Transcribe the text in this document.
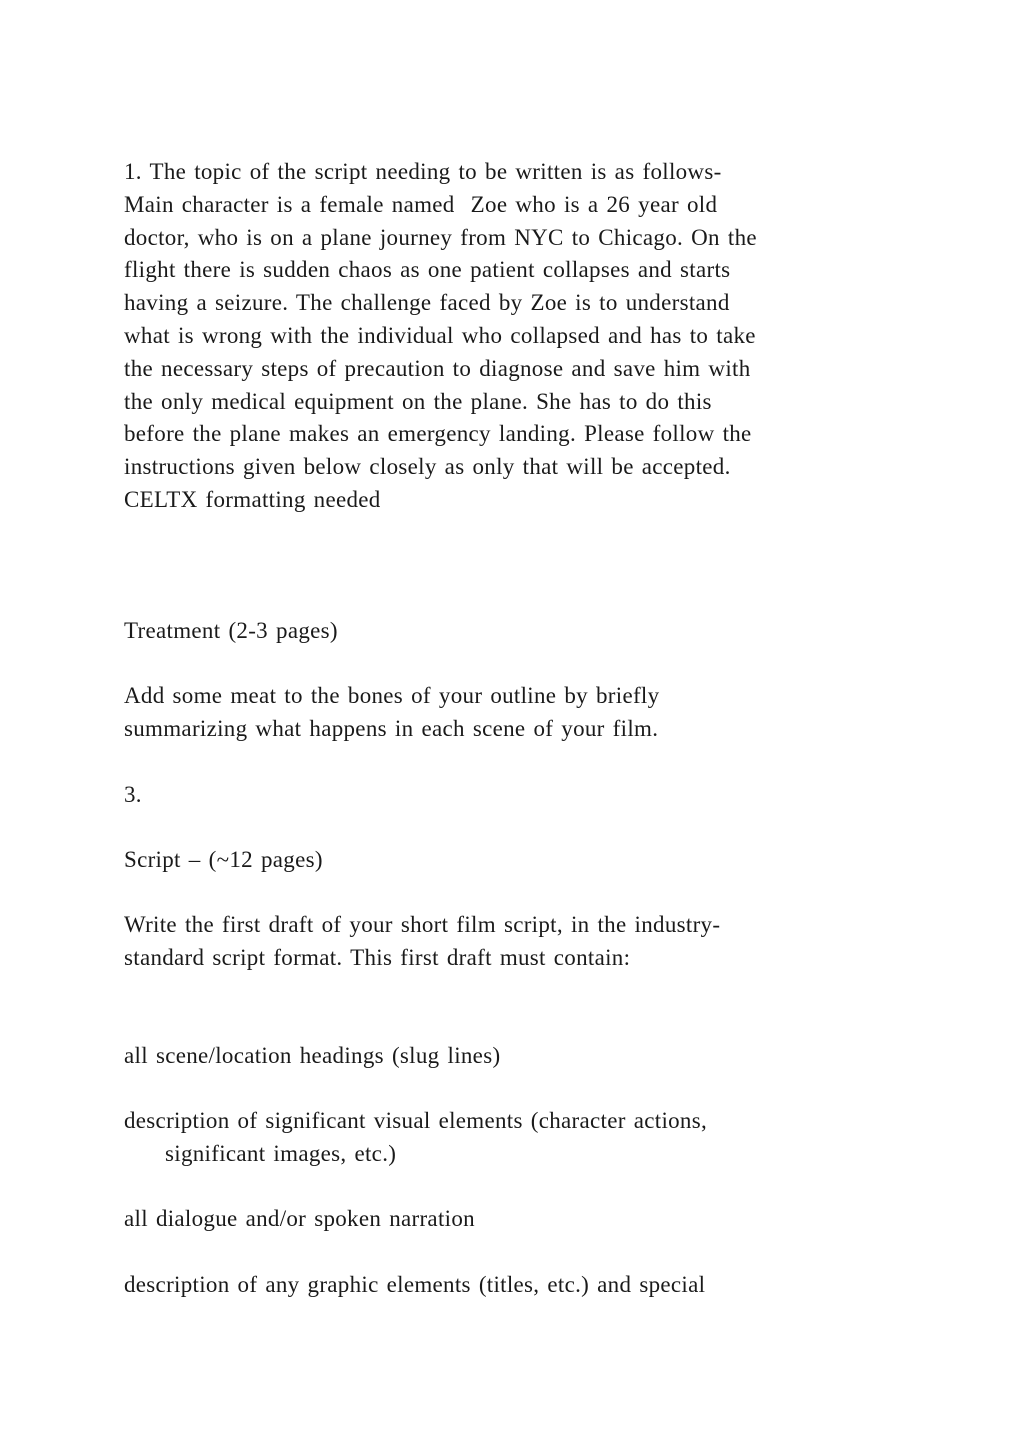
1. The topic of the script needing to be written is as follows-
Main character is a female named  Zoe who is a 26 year old
doctor, who is on a plane journey from NYC to Chicago. On the
flight there is sudden chaos as one patient collapses and starts
having a seizure. The challenge faced by Zoe is to understand
what is wrong with the individual who collapsed and has to take
the necessary steps of precaution to diagnose and save him with
the only medical equipment on the plane. She has to do this
before the plane makes an emergency landing. Please follow the
instructions given below closely as only that will be accepted.
CELTX formatting needed
Treatment (2-3 pages)
Add some meat to the bones of your outline by briefly
summarizing what happens in each scene of your film.
3.
Script – (~12 pages)
Write the first draft of your short film script, in the industry-
standard script format. This first draft must contain:
all scene/location headings (slug lines)
description of significant visual elements (character actions,
significant images, etc.)
all dialogue and/or spoken narration
description of any graphic elements (titles, etc.) and special
